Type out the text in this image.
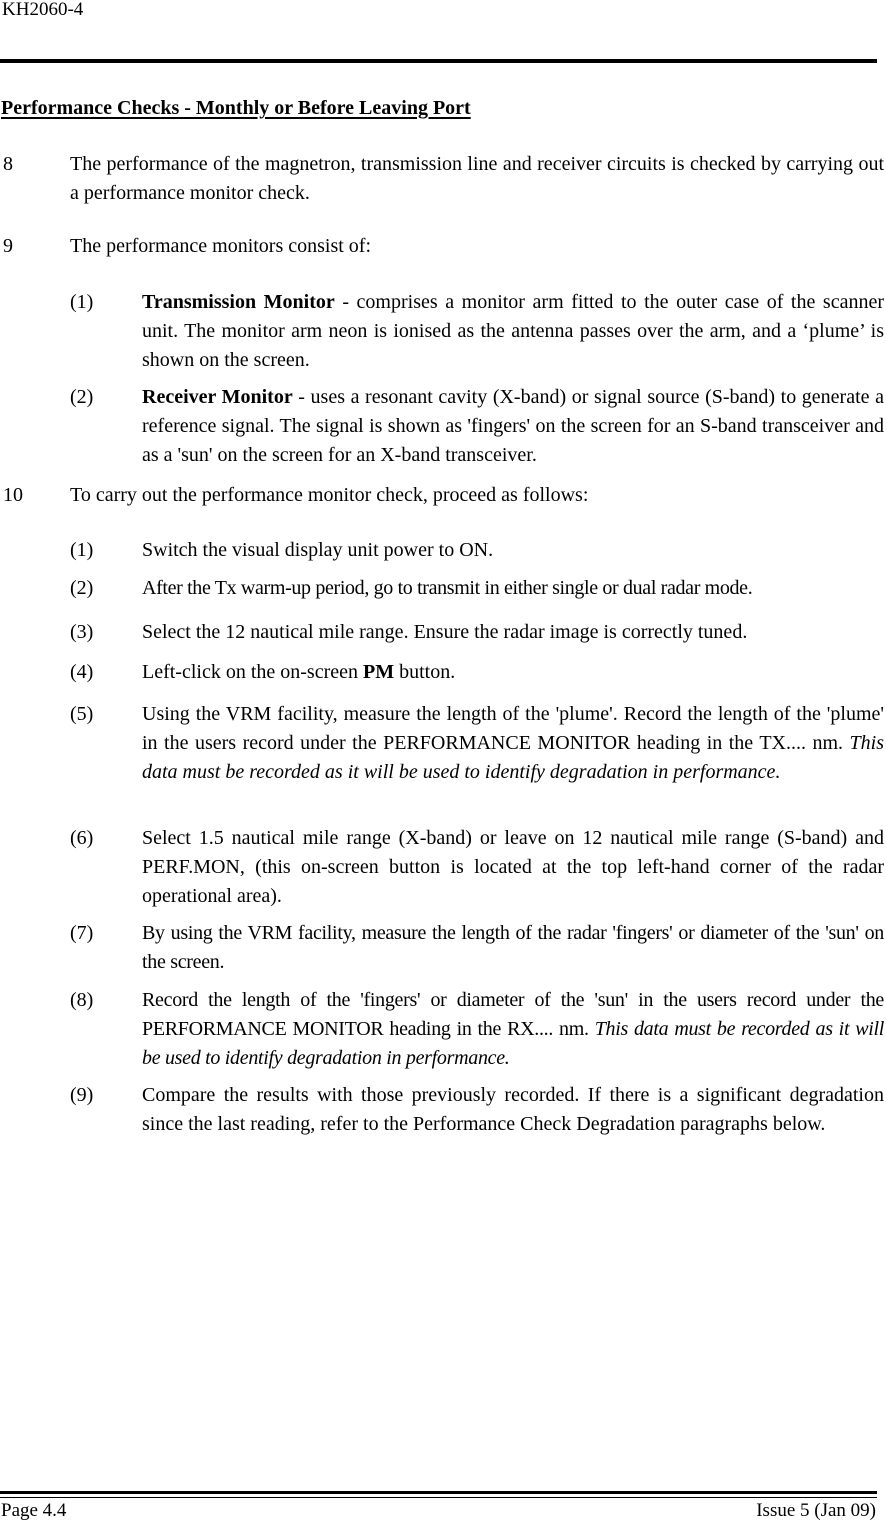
KH2060-4
Performance Checks - Monthly or Before Leaving Port
8	The performance of the magnetron, transmission line and receiver circuits is checked by carrying out a performance monitor check.
9	The performance monitors consist of:
(1) Transmission Monitor - comprises a monitor arm fitted to the outer case of the scanner unit. The monitor arm neon is ionised as the antenna passes over the arm, and a ‘plume’ is shown on the screen.
(2) Receiver Monitor - uses a resonant cavity (X-band) or signal source (S-band) to generate a reference signal. The signal is shown as 'fingers' on the screen for an S-band transceiver and as a 'sun' on the screen for an X-band transceiver.
10 To carry out the performance monitor check, proceed as follows:
(1) Switch the visual display unit power to ON.
(2) After the Tx warm-up period, go to transmit in either single or dual radar mode.
(3) Select the 12 nautical mile range. Ensure the radar image is correctly tuned.
(4) Left-click on the on-screen PM button.
(5) Using the VRM facility, measure the length of the 'plume'. Record the length of the 'plume' in the users record under the PERFORMANCE MONITOR heading in the TX.... nm. This data must be recorded as it will be used to identify degradation in performance.
(6) Select 1.5 nautical mile range (X-band) or leave on 12 nautical mile range (S-band) and PERF.MON, (this on-screen button is located at the top left-hand corner of the radar operational area).
(7) By using the VRM facility, measure the length of the radar 'fingers' or diameter of the 'sun' on the screen.
(8) Record the length of the 'fingers' or diameter of the 'sun' in the users record under the PERFORMANCE MONITOR heading in the RX.... nm. This data must be recorded as it will be used to identify degradation in performance.
(9) Compare the results with those previously recorded. If there is a significant degradation since the last reading, refer to the Performance Check Degradation paragraphs below.
Page 4.4	Issue 5 (Jan 09)
